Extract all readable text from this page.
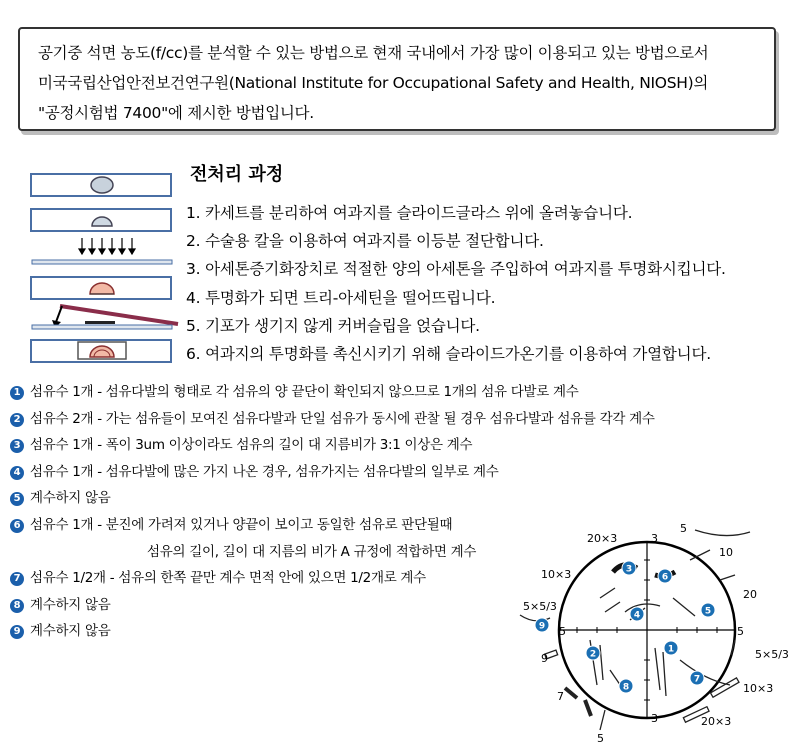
공기중 석면 농도(f/cc)를 분석할 수 있는 방법으로 현재 국내에서 가장 많이 이용되고 있는 방법으로서
미국국립산업안전보건연구원(National Institute for Occupational Safety and Health, NIOSH)의
"공정시험법 7400"에 제시한 방법입니다.
전처리 과정
1. 카세트를 분리하여 여과지를 슬라이드글라스 위에 올려놓습니다.
2. 수술용 칼을 이용하여 여과지를 이등분 절단합니다.
3. 아세톤증기화장치로 적절한 양의 아세톤을 주입하여 여과지를 투명화시킵니다.
4. 투명화가 되면 트리-아세틴을 떨어뜨립니다.
5. 기포가 생기지 않게 커버슬립을 얹습니다.
6. 여과지의 투명화를 촉신시키기 위해 슬라이드가온기를 이용하여 가열합니다.
1 섬유수 1개 - 섬유다발의 형태로 각 섬유의 양 끝단이 확인되지 않으므로 1개의 섬유 다발로 계수
2 섬유수 2개 - 가는 섬유들이 모여진 섬유다발과 단일 섬유가 동시에 관찰 될 경우 섬유다발과 섬유를 각각 계수
3 섬유수 1개 - 폭이 3um 이상이라도 섬유의 길이 대 지름비가 3:1 이상은 계수
4 섬유수 1개 - 섬유다발에 많은 가지 나온 경우, 섬유가지는 섬유다발의 일부로 계수
5 계수하지 않음
6 섬유수 1개 - 분진에 가려져 있거나 양끝이 보이고 동일한 섬유로 판단될때
섬유의 길이, 길이 대 지름의 비가 A 규정에 적합하면 계수
7 섬유수 1/2개 - 섬유의 한쪽 끝만 계수 면적 안에 있으면 1/2개로 계수
8 계수하지 않음
9 계수하지 않음
20×3	3
5
10
10×3
20
5×5/3
5	5
5×5/3
9
7
10×3
3
5
20×3
1
2
3
4	5
6
7
8
9
